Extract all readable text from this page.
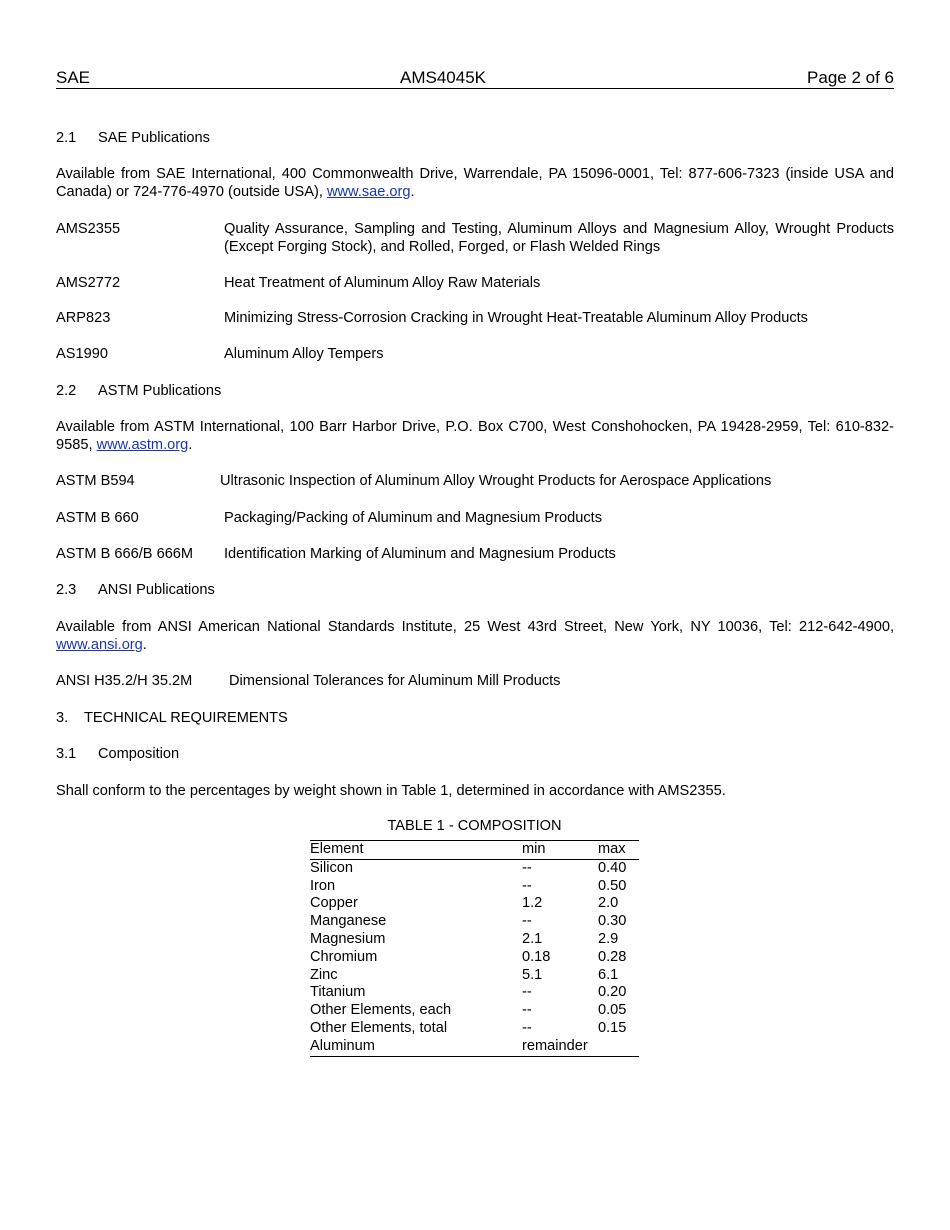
SAE	AMS4045K	Page 2 of 6
2.1 SAE Publications
Available from SAE International, 400 Commonwealth Drive, Warrendale, PA 15096-0001, Tel: 877-606-7323 (inside USA and Canada) or 724-776-4970 (outside USA), www.sae.org.
AMS2355	Quality Assurance, Sampling and Testing, Aluminum Alloys and Magnesium Alloy, Wrought Products (Except Forging Stock), and Rolled, Forged, or Flash Welded Rings
AMS2772	Heat Treatment of Aluminum Alloy Raw Materials
ARP823	Minimizing Stress-Corrosion Cracking in Wrought Heat-Treatable Aluminum Alloy Products
AS1990	Aluminum Alloy Tempers
2.2 ASTM Publications
Available from ASTM International, 100 Barr Harbor Drive, P.O. Box C700, West Conshohocken, PA 19428-2959, Tel: 610-832-9585, www.astm.org.
ASTM B594	Ultrasonic Inspection of Aluminum Alloy Wrought Products for Aerospace Applications
ASTM B 660	Packaging/Packing of Aluminum and Magnesium Products
ASTM B 666/B 666M Identification Marking of Aluminum and Magnesium Products
2.3 ANSI Publications
Available from ANSI American National Standards Institute, 25 West 43rd Street, New York, NY 10036, Tel: 212-642-4900, www.ansi.org.
ANSI H35.2/H 35.2M	Dimensional Tolerances for Aluminum Mill Products
3. TECHNICAL REQUIREMENTS
3.1 Composition
Shall conform to the percentages by weight shown in Table 1, determined in accordance with AMS2355.
TABLE 1 - COMPOSITION
Element	min	max
Silicon	--	0.40
Iron	--	0.50
Copper	1.2	2.0
Manganese	--	0.30
Magnesium	2.1	2.9
Chromium	0.18	0.28
Zinc	5.1	6.1
Titanium	--	0.20
Other Elements, each	--	0.05
Other Elements, total	--	0.15
Aluminum	remainder	
